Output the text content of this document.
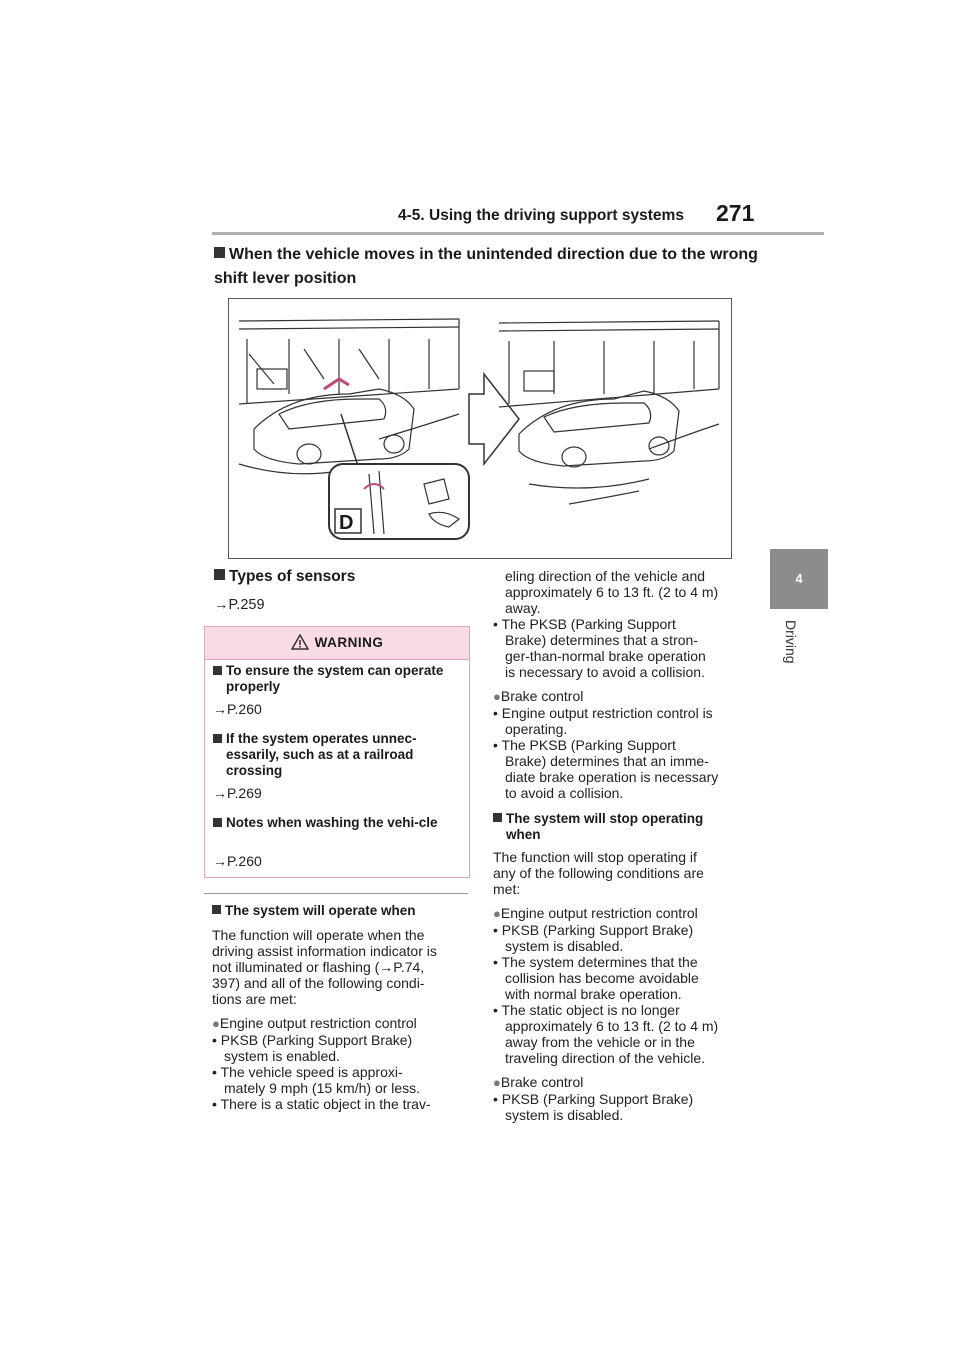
4-5. Using the driving support systems 271
4
Driving
When the vehicle moves in the unintended direction due to the wrong shift lever position
D
Types of sensors
→P.259
WARNING
To ensure the system can operate properly
→P.260
If the system operates unnec-essarily, such as at a railroad crossing
→P.269
Notes when washing the vehi-cle
→P.260
The system will operate when
The function will operate when the
driving assist information indicator is
not illuminated or flashing (→P.74,
397) and all of the following condi-
tions are met:
●Engine output restriction control
• PKSB (Parking Support Brake)
system is enabled.
• The vehicle speed is approxi-
mately 9 mph (15 km/h) or less.
• There is a static object in the trav-
eling direction of the vehicle and
approximately 6 to 13 ft. (2 to 4 m)
away.
• The PKSB (Parking Support
Brake) determines that a stron-
ger-than-normal brake operation
is necessary to avoid a collision.
●Brake control
• Engine output restriction control is
operating.
• The PKSB (Parking Support
Brake) determines that an imme-
diate brake operation is necessary
to avoid a collision.
The system will stop operating
when
The function will stop operating if
any of the following conditions are
met:
●Engine output restriction control
• PKSB (Parking Support Brake)
system is disabled.
• The system determines that the
collision has become avoidable
with normal brake operation.
• The static object is no longer
approximately 6 to 13 ft. (2 to 4 m)
away from the vehicle or in the
traveling direction of the vehicle.
●Brake control
• PKSB (Parking Support Brake)
system is disabled.
